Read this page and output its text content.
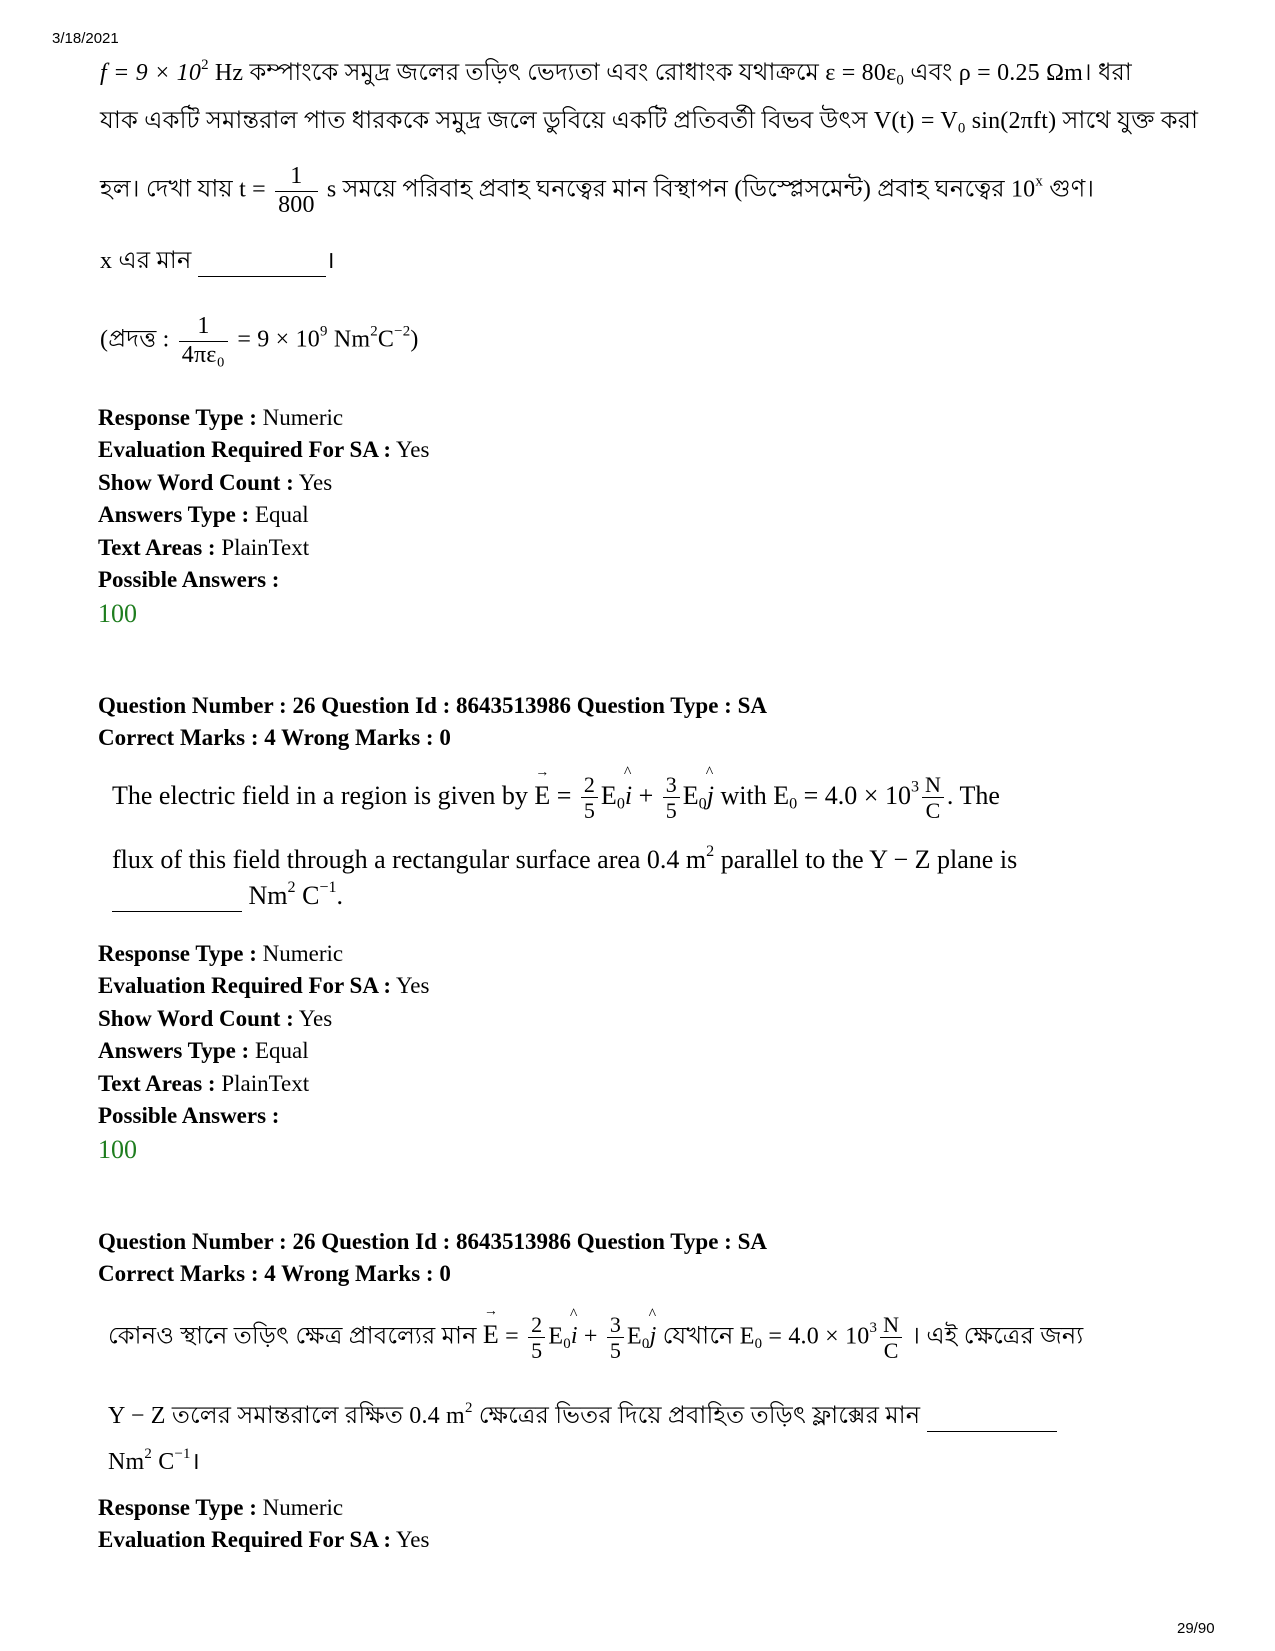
3/18/2021
$f = 9 \times 10^2$ Hz কম্পাংকে সমুদ্র জলের তড়িৎ ভেদ্যতা এবং রোধাংক যথাক্রমে $\varepsilon = 80\varepsilon_0$ এবং ρ = 0.25 Ωm। ধরা
যাক একটি সমান্তরাল পাত ধারককে সমুদ্র জলে ডুবিয়ে একটি প্রতিবর্তী বিভব উৎস $V(t) = V_0$ sin(2πft) সাথে যুক্ত করা
হল। দেখা যায় $t = \frac{1}{800}$ s সময়ে পরিবাহ প্রবাহ ঘনত্বের মান বিস্থাপন (ডিস্প্লেসমেন্ট) প্রবাহ ঘনত্বের 10$^x$ গুণ।
x এর মান	।
(প্রদত্ত : $\frac{1}{\text{4πε₀}} = 9 \times 10^9$ $Nm^2C^{-2}$)
Response Type : Numeric
Evaluation Required For SA : Yes
Show Word Count : Yes
Answers Type : Equal
Text Areas : PlainText
Possible Answers :
100
Question Number : 26 Question Id : 8643513986 Question Type : SA
Correct Marks : 4 Wrong Marks : 0
The electric field in a region is given by
→
$E = \frac{2}{5} E_0$
^
$i + \frac{3}{5} E_0$
^
j with $E_0 = 4.0 \times 10^3 \frac{N}{C}$ . The
flux of this field through a rectangular surface area 0.4 $m^2$ parallel to the Y − Z plane is
Nm$^2$ $C^{-1}$.
Response Type : Numeric
Evaluation Required For SA : Yes
Show Word Count : Yes
Answers Type : Equal
Text Areas : PlainText
Possible Answers :
100
Question Number : 26 Question Id : 8643513986 Question Type : SA
Correct Marks : 4 Wrong Marks : 0
কোনও স্থানে তড়িৎ ক্ষেত্র প্রাবল্যের মান
→
$E = \frac{2}{5} E_0$
^
$i + \frac{3}{5} E_0$
^
j যেখানে $E_0 = 4.0 \times 10^3 \frac{N}{C}$ । এই ক্ষেত্রের জন্য
Y − Z তলের সমান্তরালে রক্ষিত 0.4 $m^2$ ক্ষেত্রের ভিতর দিয়ে প্রবাহিত তড়িৎ ফ্লাক্সের মান
Nm$^2$ $C^{-1}।$
Response Type : Numeric
Evaluation Required For SA : Yes
29/90
